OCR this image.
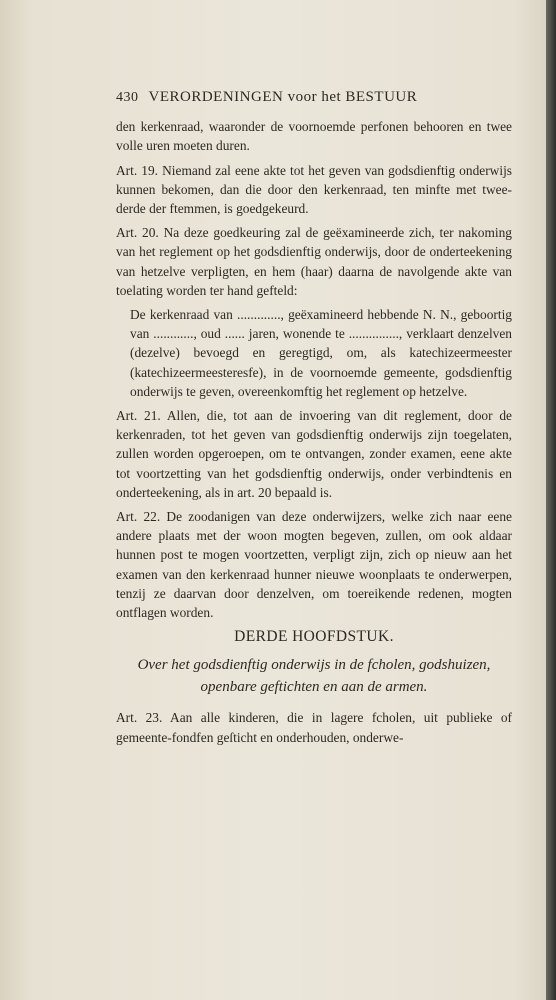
430 VERORDENINGEN voor het BESTUUR

den kerkenraad, waaronder de voornoemde perfonen behooren en twee volle uren moeten duren.

Art. 19. Niemand zal eene akte tot het geven van godsdienftig onderwijs kunnen bekomen, dan die door den kerkenraad, ten minfte met twee-derde der ftemmen, is goedgekeurd.

Art. 20. Na deze goedkeuring zal de geëxamineerde zich, ter nakoming van het reglement op het godsdienftig onderwijs, door de onderteekening van hetzelve verpligten, en hem (haar) daarna de navolgende akte van toelating worden ter hand gefteld:

De kerkenraad van ............., geëxamineerd hebbende N. N., geboortig van ............, oud ...... jaren, wonende te ..............., verklaart denzelven (dezelve) bevoegd en geregtigd, om, als katechizeermeester (katechizeermeesteresfe), in de voornoemde gemeente, godsdienftig onderwijs te geven, overeenkomftig het reglement op hetzelve.

Art. 21. Allen, die, tot aan de invoering van dit reglement, door de kerkenraden, tot het geven van godsdienftig onderwijs zijn toegelaten, zullen worden opgeroepen, om te ontvangen, zonder examen, eene akte tot voortzetting van het godsdienftig onderwijs, onder verbindtenis en onderteekening, als in art. 20 bepaald is.

Art. 22. De zoodanigen van deze onderwijzers, welke zich naar eene andere plaats met der woon mogten begeven, zullen, om ook aldaar hunnen post te mogen voortzetten, verpligt zijn, zich op nieuw aan het examen van den kerkenraad hunner nieuwe woonplaats te onderwerpen, tenzij ze daarvan door denzelven, om toereikende redenen, mogten ontflagen worden.

DERDE HOOFDSTUK.
Over het godsdienftig onderwijs in de fcholen, godshuizen, openbare geftichten en aan de armen.

Art. 23. Aan alle kinderen, die in lagere fcholen, uit publieke of gemeente-fondfen geſticht en onderhouden, onderwe-
